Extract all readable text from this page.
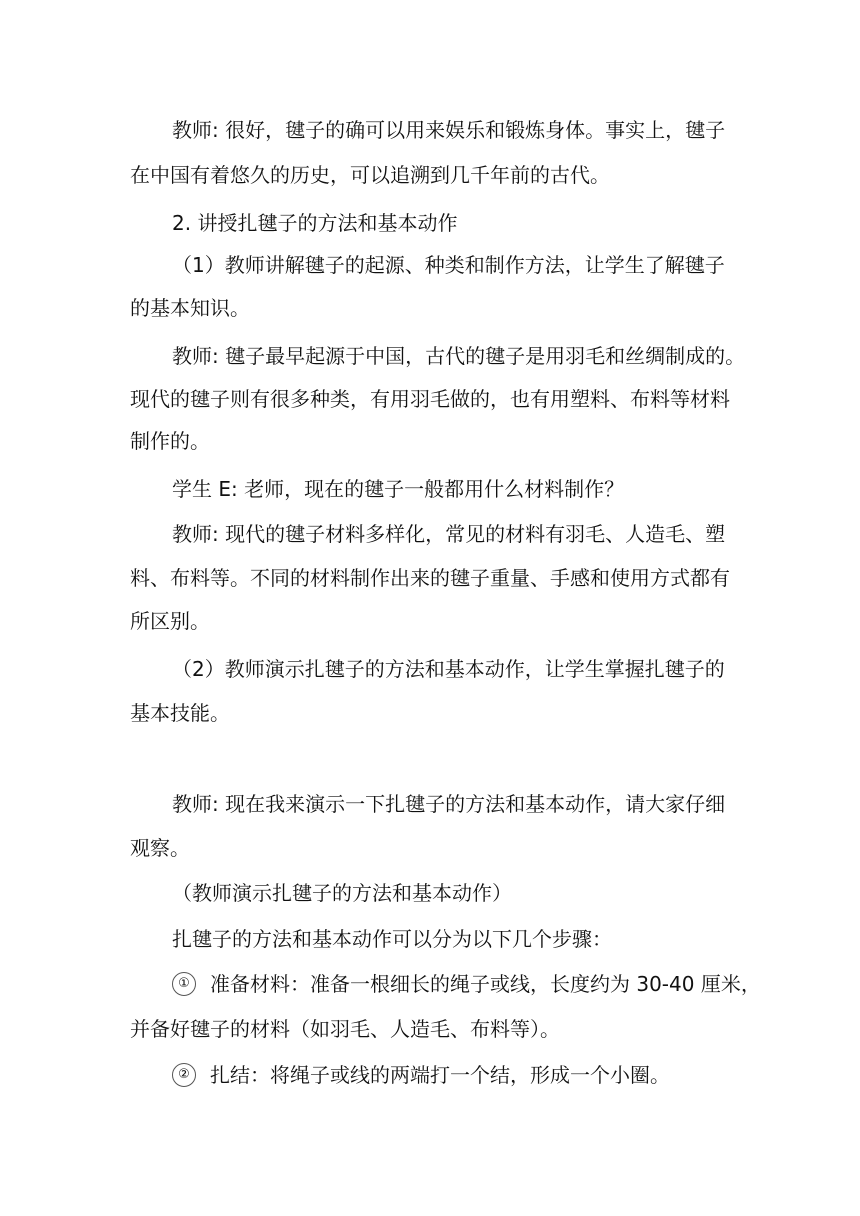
教师: 很好，毽子的确可以用来娱乐和锻炼身体。事实上，毽子
在中国有着悠久的历史，可以追溯到几千年前的古代。
2. 讲授扎毽子的方法和基本动作
（1）教师讲解毽子的起源、种类和制作方法，让学生了解毽子
的基本知识。
教师: 毽子最早起源于中国，古代的毽子是用羽毛和丝绸制成的。
现代的毽子则有很多种类，有用羽毛做的，也有用塑料、布料等材料
制作的。
学生 E: 老师，现在的毽子一般都用什么材料制作？
教师: 现代的毽子材料多样化，常见的材料有羽毛、人造毛、塑
料、布料等。不同的材料制作出来的毽子重量、手感和使用方式都有
所区别。
（2）教师演示扎毽子的方法和基本动作，让学生掌握扎毽子的
基本技能。
教师: 现在我来演示一下扎毽子的方法和基本动作，请大家仔细
观察。
（教师演示扎毽子的方法和基本动作）
扎毽子的方法和基本动作可以分为以下几个步骤：
① 准备材料：准备一根细长的绳子或线，长度约为 30-40 厘米，
并备好毽子的材料（如羽毛、人造毛、布料等）。
② 扎结：将绳子或线的两端打一个结，形成一个小圈。
